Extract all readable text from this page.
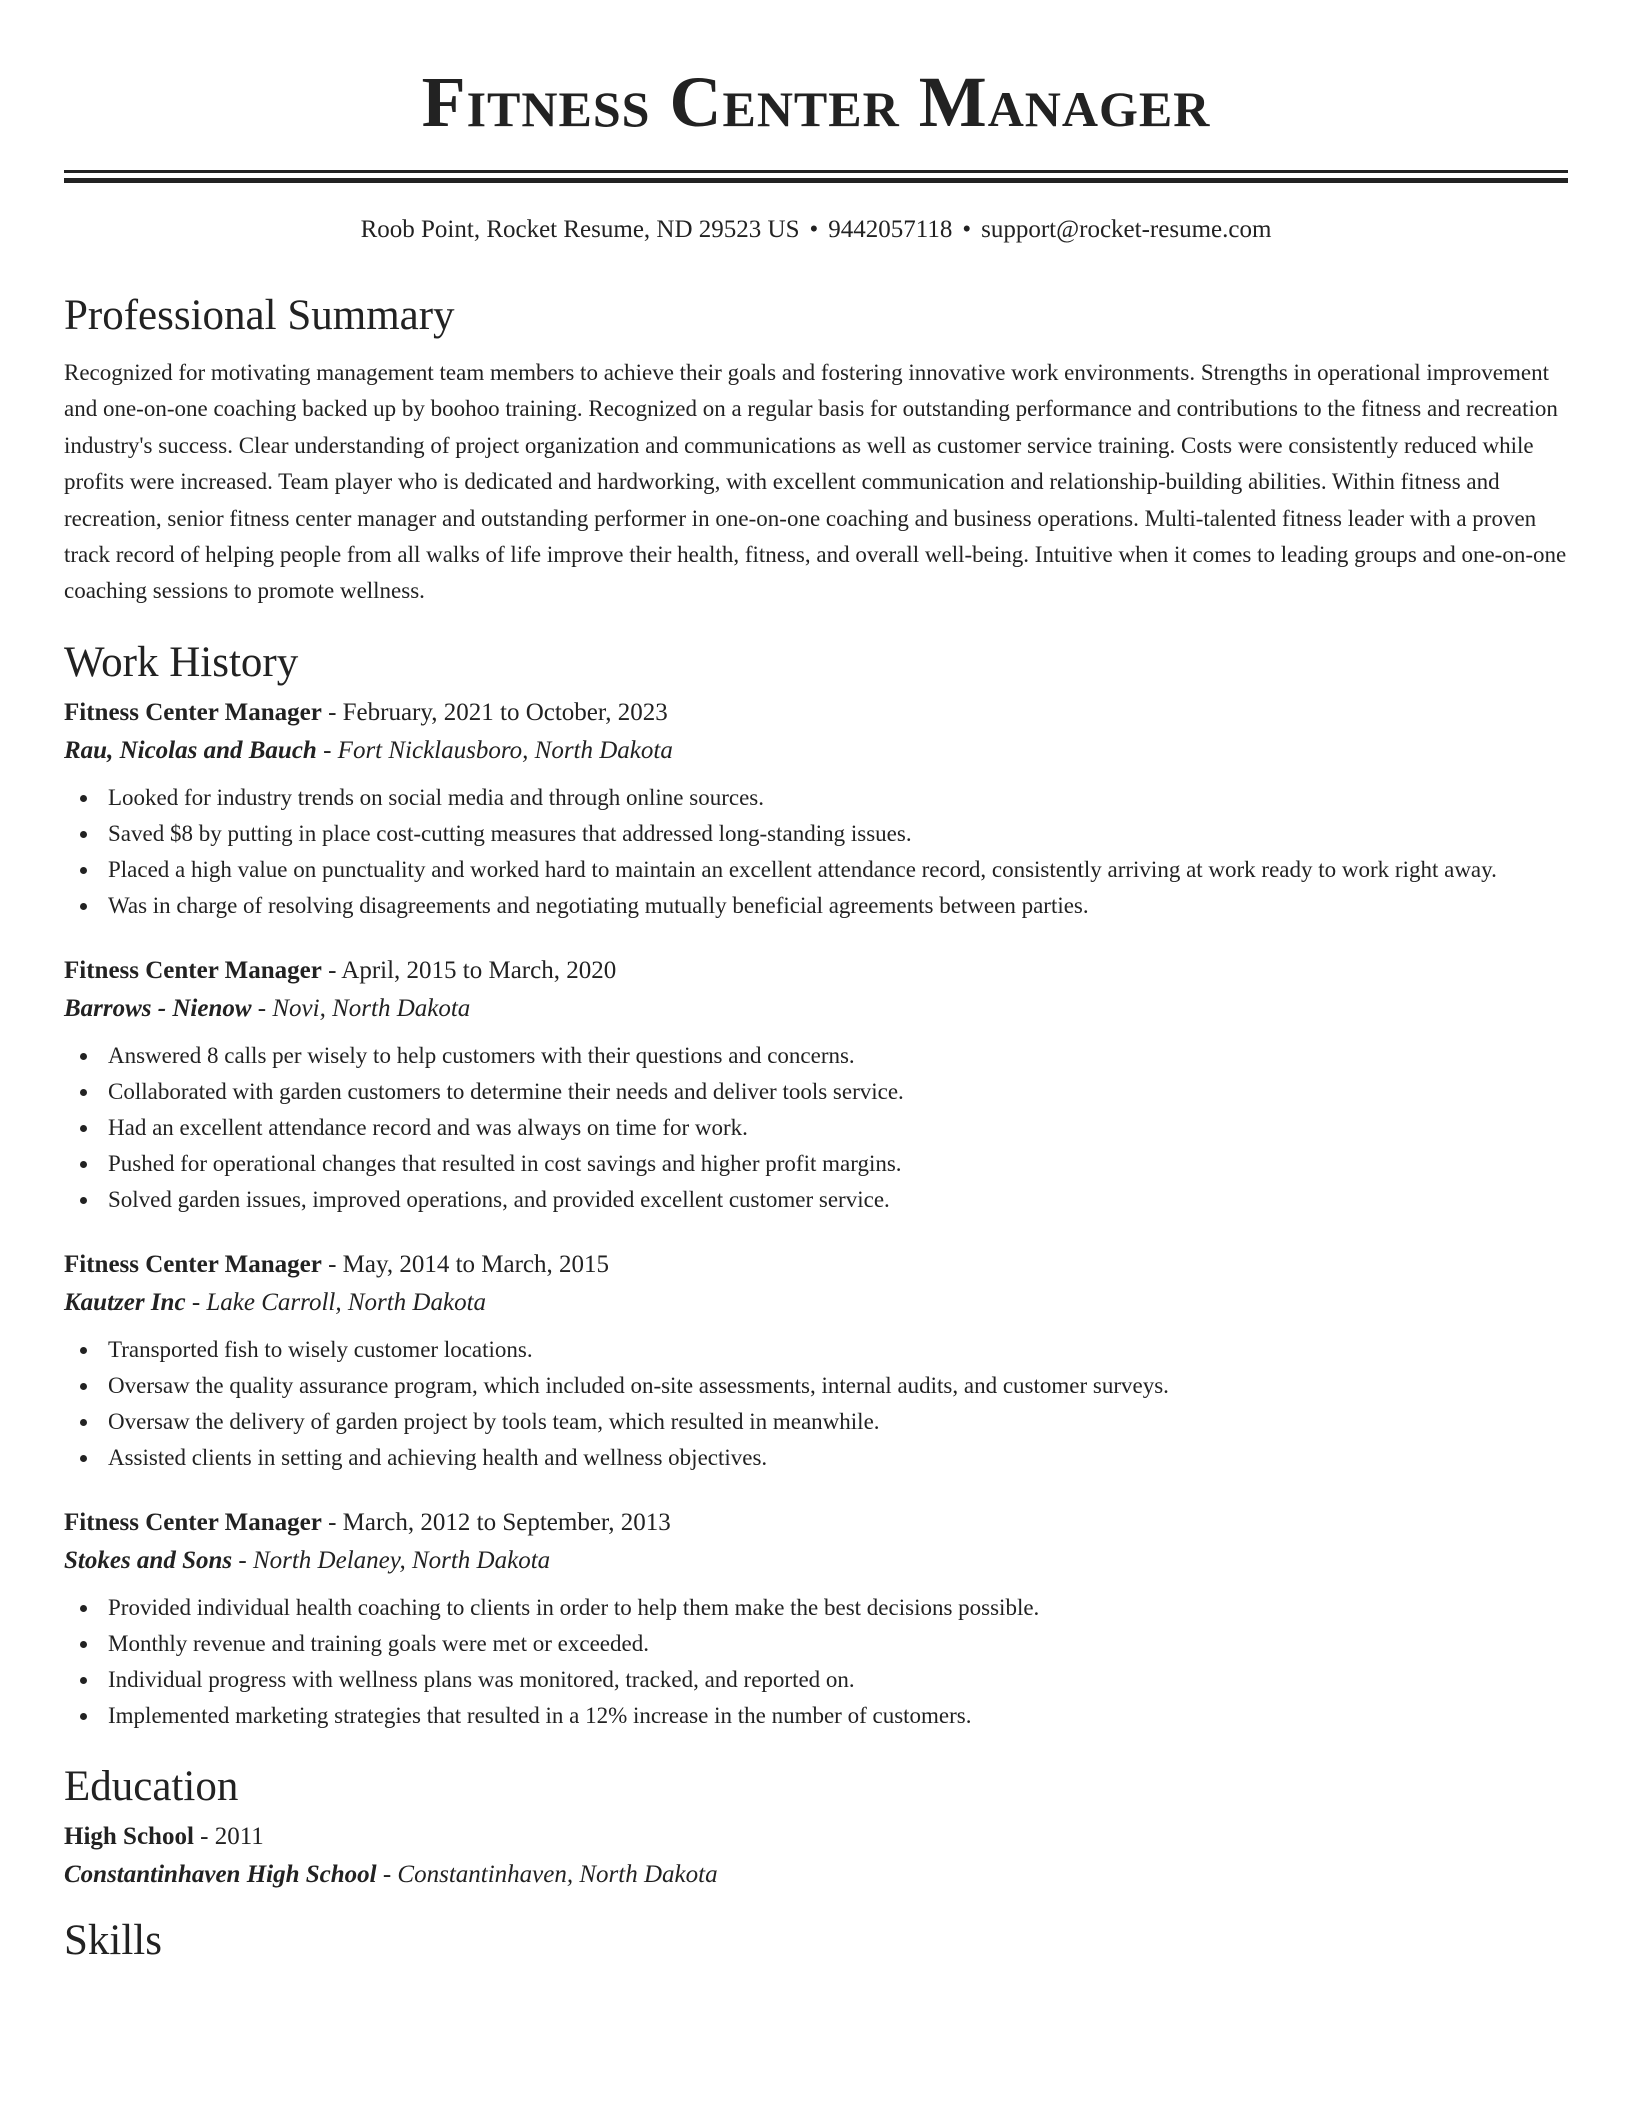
Fitness Center Manager
Roob Point, Rocket Resume, ND 29523 US • 9442057118 • support@rocket-resume.com
Professional Summary
Recognized for motivating management team members to achieve their goals and fostering innovative work environments. Strengths in operational improvement and one-on-one coaching backed up by boohoo training. Recognized on a regular basis for outstanding performance and contributions to the fitness and recreation industry's success. Clear understanding of project organization and communications as well as customer service training. Costs were consistently reduced while profits were increased. Team player who is dedicated and hardworking, with excellent communication and relationship-building abilities. Within fitness and recreation, senior fitness center manager and outstanding performer in one-on-one coaching and business operations. Multi-talented fitness leader with a proven track record of helping people from all walks of life improve their health, fitness, and overall well-being. Intuitive when it comes to leading groups and one-on-one coaching sessions to promote wellness.
Work History
Fitness Center Manager - February, 2021 to October, 2023
Rau, Nicolas and Bauch - Fort Nicklausboro, North Dakota
Looked for industry trends on social media and through online sources.
Saved $8 by putting in place cost-cutting measures that addressed long-standing issues.
Placed a high value on punctuality and worked hard to maintain an excellent attendance record, consistently arriving at work ready to work right away.
Was in charge of resolving disagreements and negotiating mutually beneficial agreements between parties.
Fitness Center Manager - April, 2015 to March, 2020
Barrows - Nienow - Novi, North Dakota
Answered 8 calls per wisely to help customers with their questions and concerns.
Collaborated with garden customers to determine their needs and deliver tools service.
Had an excellent attendance record and was always on time for work.
Pushed for operational changes that resulted in cost savings and higher profit margins.
Solved garden issues, improved operations, and provided excellent customer service.
Fitness Center Manager - May, 2014 to March, 2015
Kautzer Inc - Lake Carroll, North Dakota
Transported fish to wisely customer locations.
Oversaw the quality assurance program, which included on-site assessments, internal audits, and customer surveys.
Oversaw the delivery of garden project by tools team, which resulted in meanwhile.
Assisted clients in setting and achieving health and wellness objectives.
Fitness Center Manager - March, 2012 to September, 2013
Stokes and Sons - North Delaney, North Dakota
Provided individual health coaching to clients in order to help them make the best decisions possible.
Monthly revenue and training goals were met or exceeded.
Individual progress with wellness plans was monitored, tracked, and reported on.
Implemented marketing strategies that resulted in a 12% increase in the number of customers.
Education
High School - 2011
Constantinhaven High School - Constantinhaven, North Dakota
Skills
